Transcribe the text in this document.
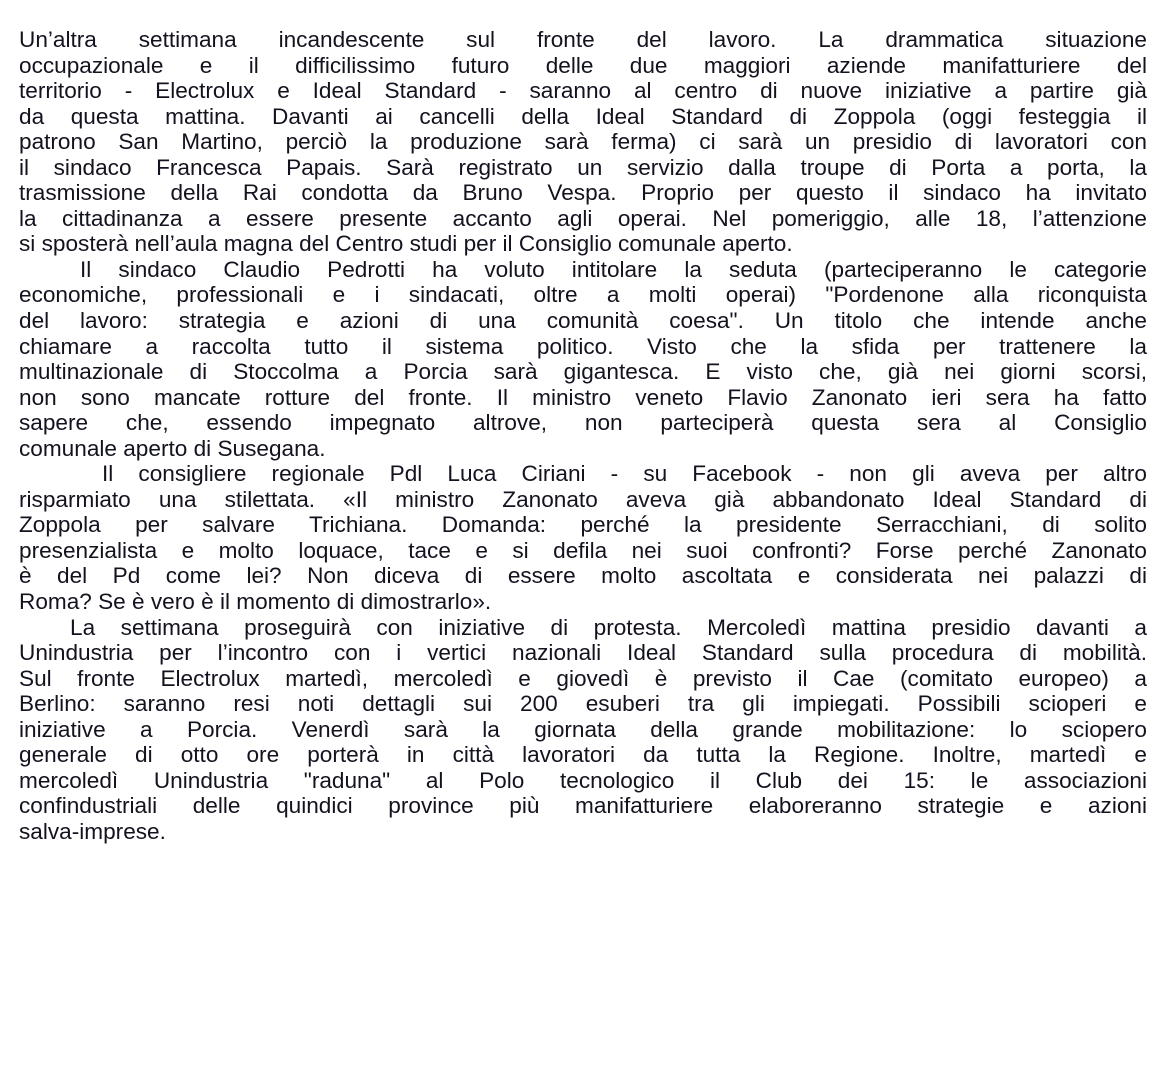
Un’altra settimana incandescente sul fronte del lavoro. La drammatica situazione
occupazionale e il difficilissimo futuro delle due maggiori aziende manifatturiere del
territorio - Electrolux e Ideal Standard - saranno al centro di nuove iniziative a partire già
da questa mattina. Davanti ai cancelli della Ideal Standard di Zoppola (oggi festeggia il
patrono San Martino, perciò la produzione sarà ferma) ci sarà un presidio di lavoratori con
il sindaco Francesca Papais. Sarà registrato un servizio dalla troupe di Porta a porta, la
trasmissione della Rai condotta da Bruno Vespa. Proprio per questo il sindaco ha invitato
la cittadinanza a essere presente accanto agli operai. Nel pomeriggio, alle 18, l’attenzione
si sposterà nell’aula magna del Centro studi per il Consiglio comunale aperto.
Il sindaco Claudio Pedrotti ha voluto intitolare la seduta (parteciperanno le categorie
economiche, professionali e i sindacati, oltre a molti operai) "Pordenone alla riconquista
del lavoro: strategia e azioni di una comunità coesa". Un titolo che intende anche
chiamare a raccolta tutto il sistema politico. Visto che la sfida per trattenere la
multinazionale di Stoccolma a Porcia sarà gigantesca. E visto che, già nei giorni scorsi,
non sono mancate rotture del fronte. Il ministro veneto Flavio Zanonato ieri sera ha fatto
sapere che, essendo impegnato altrove, non parteciperà questa sera al Consiglio
comunale aperto di Susegana.
Il consigliere regionale Pdl Luca Ciriani - su Facebook - non gli aveva per altro
risparmiato una stilettata. «Il ministro Zanonato aveva già abbandonato Ideal Standard di
Zoppola per salvare Trichiana. Domanda: perché la presidente Serracchiani, di solito
presenzialista e molto loquace, tace e si defila nei suoi confronti? Forse perché Zanonato
è del Pd come lei? Non diceva di essere molto ascoltata e considerata nei palazzi di
Roma? Se è vero è il momento di dimostrarlo».
La settimana proseguirà con iniziative di protesta. Mercoledì mattina presidio davanti a
Unindustria per l’incontro con i vertici nazionali Ideal Standard sulla procedura di mobilità.
Sul fronte Electrolux martedì, mercoledì e giovedì è previsto il Cae (comitato europeo) a
Berlino: saranno resi noti dettagli sui 200 esuberi tra gli impiegati. Possibili scioperi e
iniziative a Porcia. Venerdì sarà la giornata della grande mobilitazione: lo sciopero
generale di otto ore porterà in città lavoratori da tutta la Regione. Inoltre, martedì e
mercoledì Unindustria "raduna" al Polo tecnologico il Club dei 15: le associazioni
confindustriali delle quindici province più manifatturiere elaboreranno strategie e azioni
salva-imprese.
